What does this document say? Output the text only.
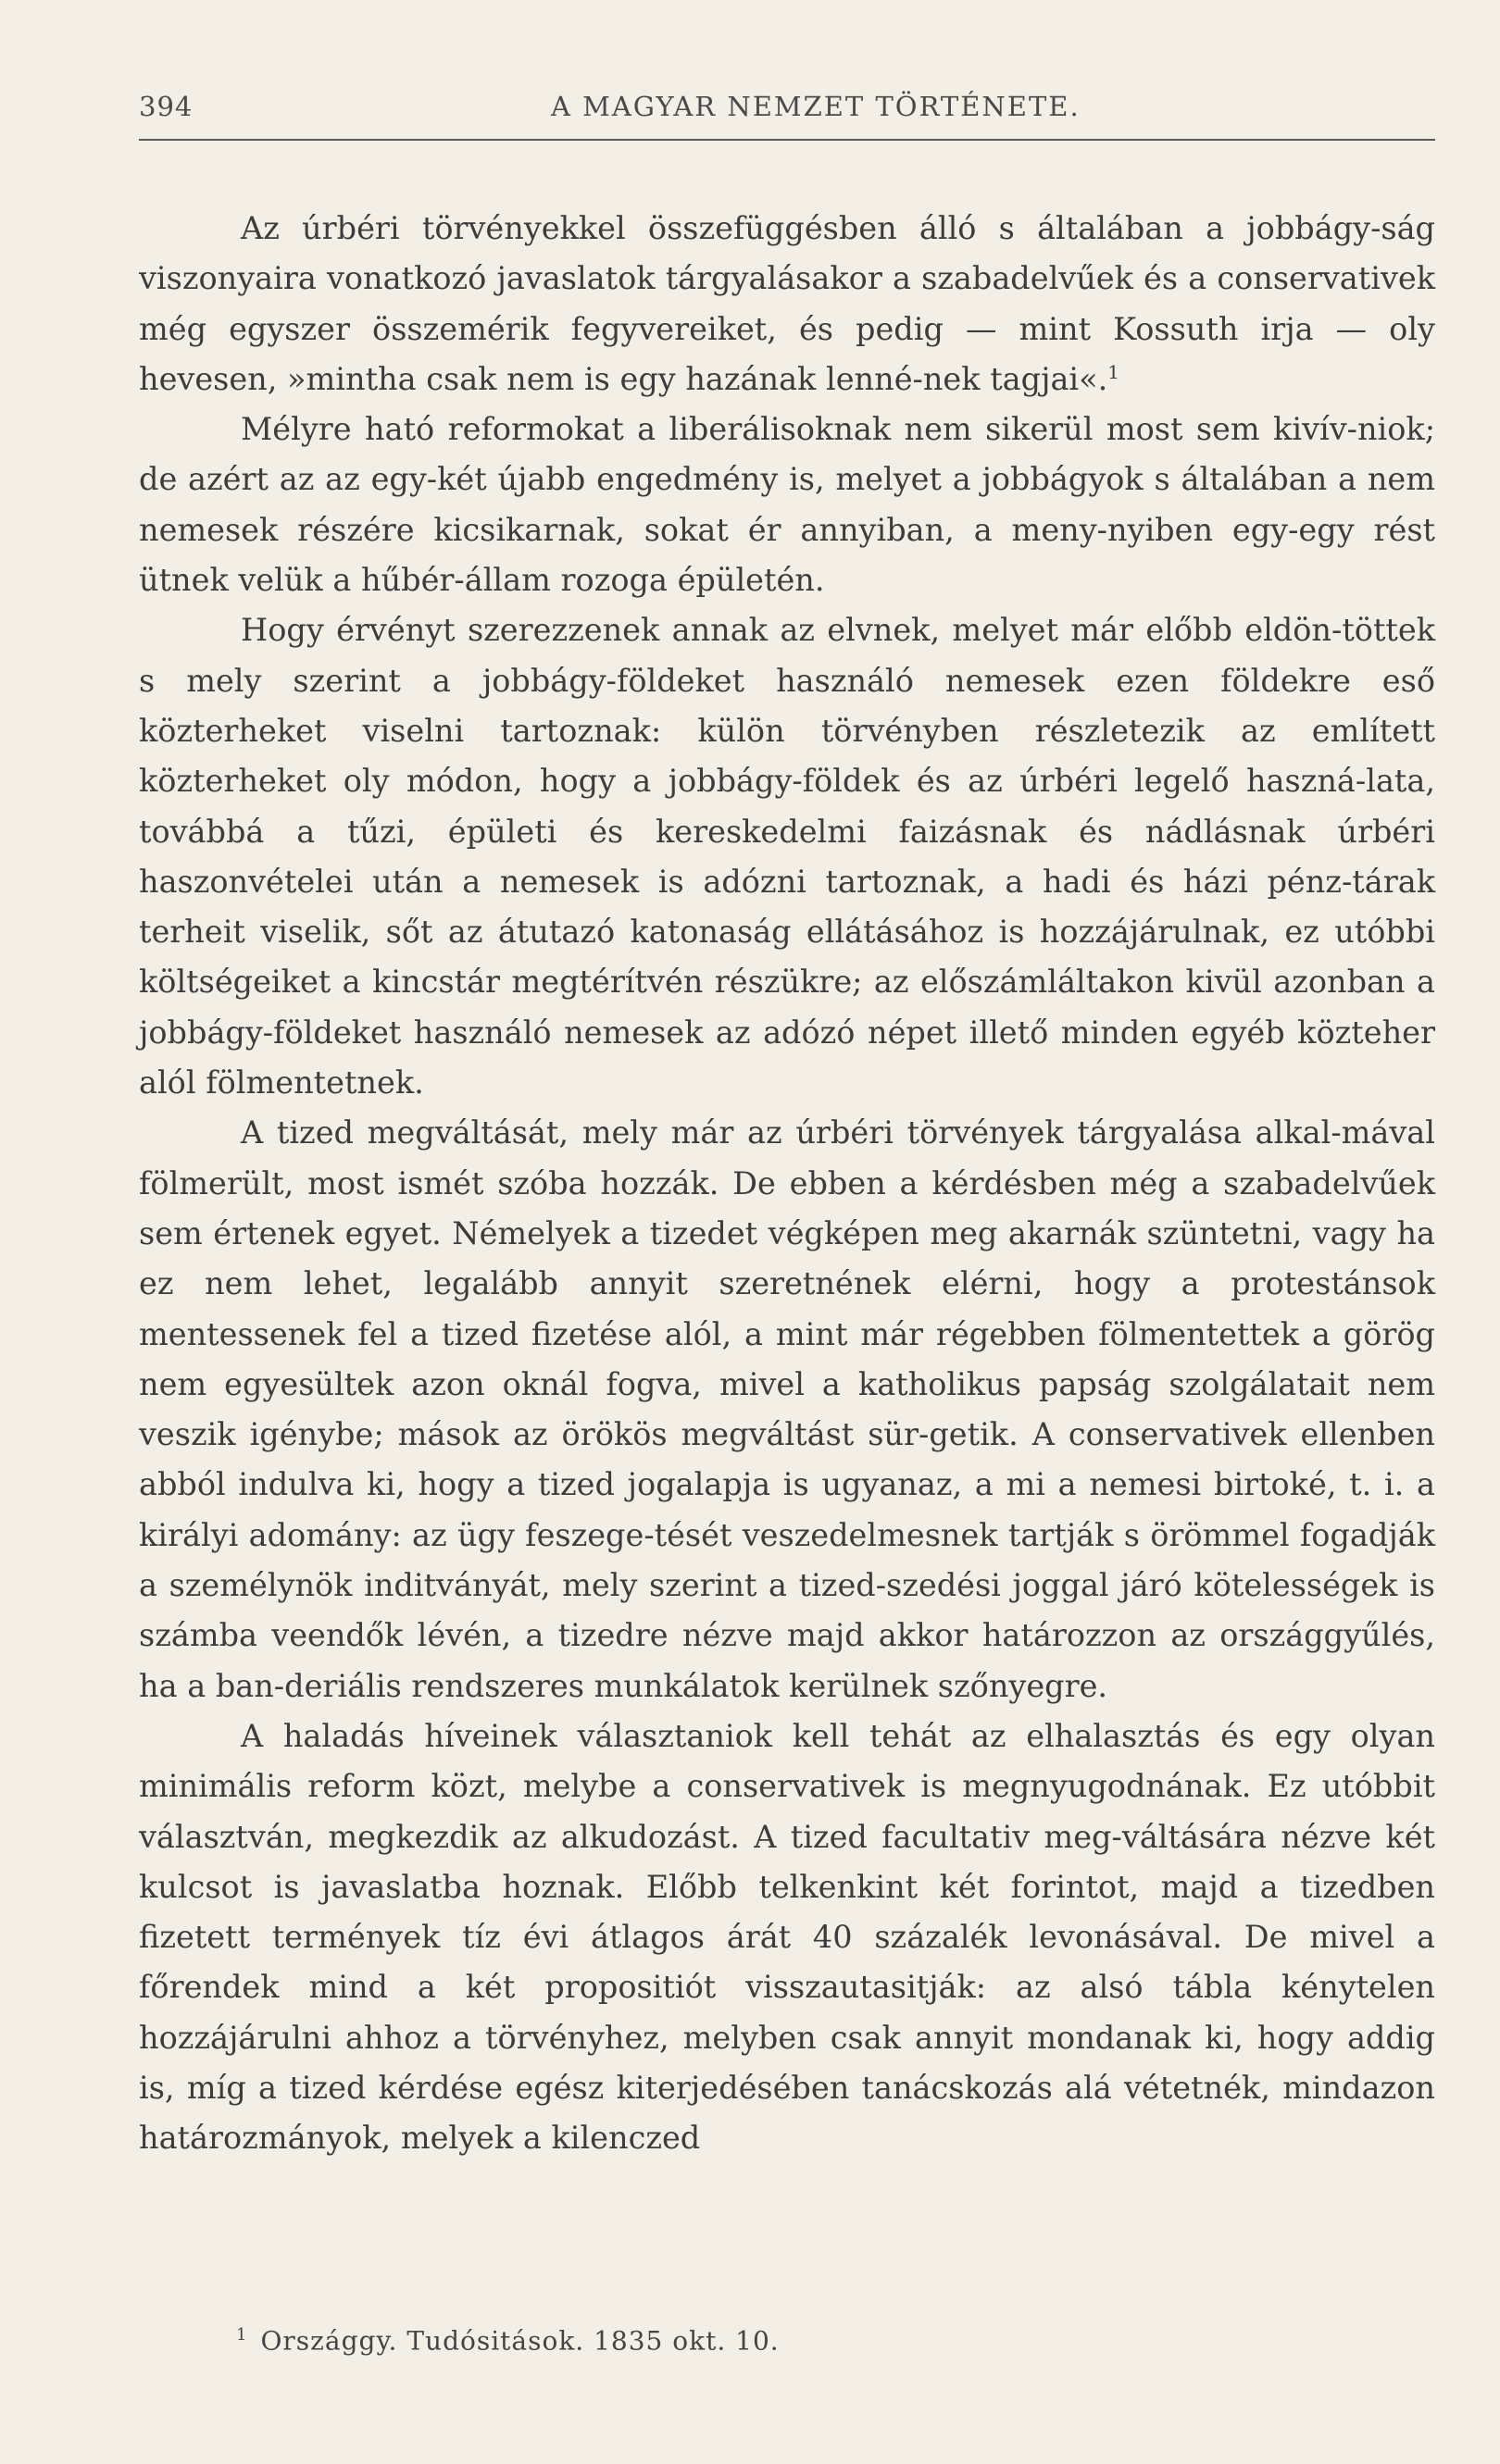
394	A MAGYAR NEMZET TÖRTÉNETE.

Az úrbéri törvényekkel összefüggésben álló s általában a jobbágy-ság viszonyaira vonatkozó javaslatok tárgyalásakor a szabadelvűek és a conservativek még egyszer összemérik fegyvereiket, és pedig — mint Kossuth irja — oly hevesen, »mintha csak nem is egy hazának lenné-nek tagjai«.$^1$

Mélyre ható reformokat a liberálisoknak nem sikerül most sem kivív-niok; de azért az az egy-két újabb engedmény is, melyet a jobbágyok s általában a nem nemesek részére kicsikarnak, sokat ér annyiban, a meny-nyiben egy-egy rést ütnek velük a hűbér-állam rozoga épületén.

Hogy érvényt szerezzenek annak az elvnek, melyet már előbb eldön-töttek s mely szerint a jobbágy-földeket használó nemesek ezen földekre eső közterheket viselni tartoznak: külön törvényben részletezik az említett közterheket oly módon, hogy a jobbágy-földek és az úrbéri legelő haszná-lata, továbbá a tűzi, épületi és kereskedelmi faizásnak és nádlásnak úrbéri haszonvételei után a nemesek is adózni tartoznak, a hadi és házi pénz-tárak terheit viselik, sőt az átutazó katonaság ellátásához is hozzájárulnak, ez utóbbi költségeiket a kincstár megtérítvén részükre; az előszámláltakon kivül azonban a jobbágy-földeket használó nemesek az adózó népet illető minden egyéb közteher alól fölmentetnek.

A tized megváltását, mely már az úrbéri törvények tárgyalása alkal-mával fölmerült, most ismét szóba hozzák. De ebben a kérdésben még a szabadelvűek sem értenek egyet. Némelyek a tizedet végképen meg akarnák szüntetni, vagy ha ez nem lehet, legalább annyit szeretnének elérni, hogy a protestánsok mentessenek fel a tized fizetése alól, a mint már régebben fölmentettek a görög nem egyesültek azon oknál fogva, mivel a katholikus papság szolgálatait nem veszik igénybe; mások az örökös megváltást sür-getik. A conservativek ellenben abból indulva ki, hogy a tized jogalapja is ugyanaz, a mi a nemesi birtoké, t. i. a királyi adomány: az ügy feszege-tését veszedelmesnek tartják s örömmel fogadják a személynök inditványát, mely szerint a tized-szedési joggal járó kötelességek is számba veendők lévén, a tizedre nézve majd akkor határozzon az országgyűlés, ha a ban-deriális rendszeres munkálatok kerülnek szőnyegre.

A haladás híveinek választaniok kell tehát az elhalasztás és egy olyan minimális reform közt, melybe a conservativek is megnyugodnának. Ez utóbbit választván, megkezdik az alkudozást. A tized facultativ meg-váltására nézve két kulcsot is javaslatba hoznak. Előbb telkenkint két forintot, majd a tizedben fizetett termények tíz évi átlagos árát 40 százalék levonásával. De mivel a főrendek mind a két propositiót visszautasitják: az alsó tábla kénytelen hozzájárulni ahhoz a törvényhez, melyben csak annyit mondanak ki, hogy addig is, míg a tized kérdése egész kiterjedésében tanácskozás alá vétetnék, mindazon határozmányok, melyek a kilenczed

$^1$ Országgy. Tudósitások. 1835 okt. 10.
